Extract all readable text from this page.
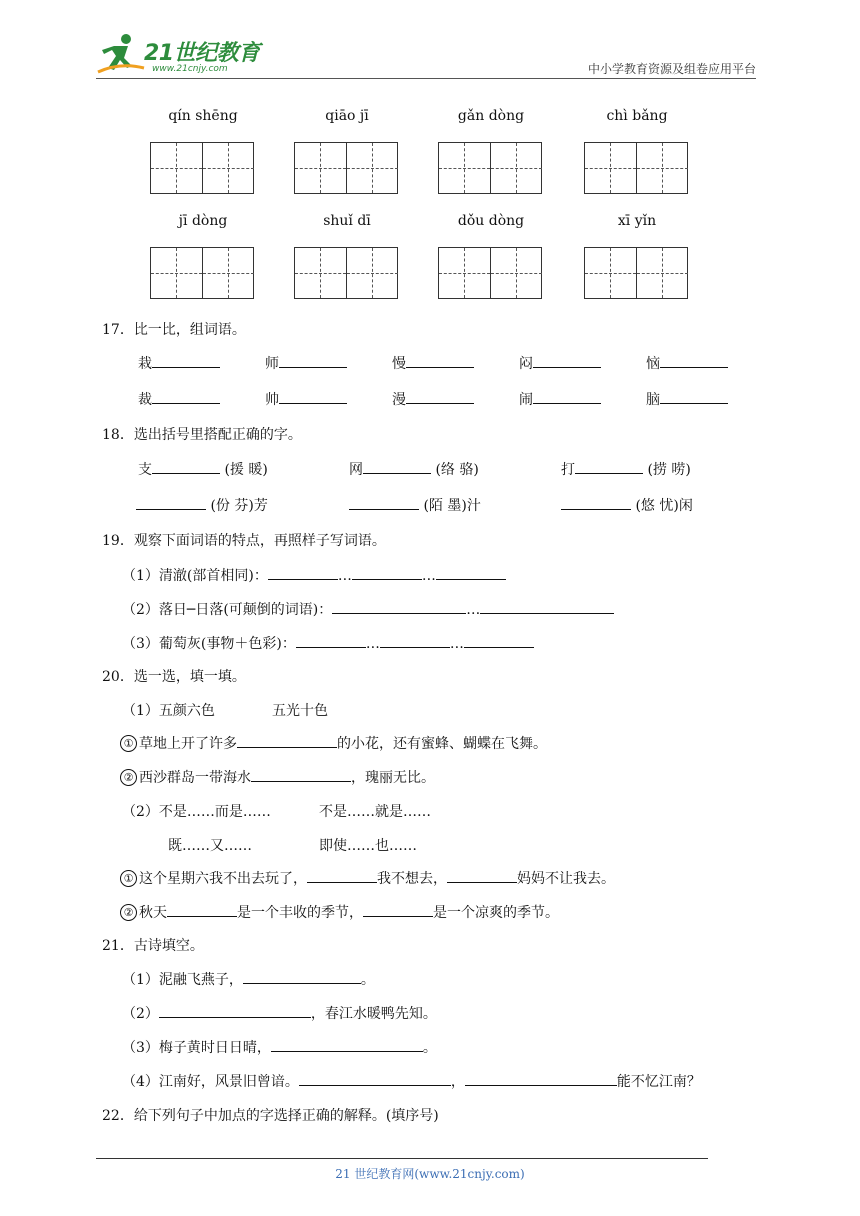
21世纪教育
www.21cnjy.com	中小学教育资源及组卷应用平台
qín shēng	qiāo jī	gǎn dòng	chì bǎng
jī dòng	shuǐ dī	dǒu dòng	xī yǐn
17．比一比，组词语。
栽	师	慢	闷	恼
裁	帅	漫	闹	脑
18．选出括号里搭配正确的字。
支	(援 暖)	网	(络 骆)	打	(捞 唠)
(份 芬)芳	(陌 墨)汁	(悠 忧)闲
19．观察下面词语的特点，再照样子写词语。
（1）清澈(部首相同)：	…	…
（2）落日─日落(可颠倒的词语)：	…
（3）葡萄灰(事物＋色彩)：	…	…
20．选一选，填一填。
（1）五颜六色	五光十色
① 草地上开了许多	的小花，还有蜜蜂、蝴蝶在飞舞。
② 西沙群岛一带海水	，瑰丽无比。
（2）不是……而是……	不是……就是……
既……又……	即使……也……
① 这个星期六我不出去玩了，	我不想去，	妈妈不让我去。
② 秋天	是一个丰收的季节，	是一个凉爽的季节。
21．古诗填空。
（1）泥融飞燕子，	。
（2）	，春江水暖鸭先知。
（3）梅子黄时日日晴，	。
（4）江南好，风景旧曾谙。	，	能不忆江南？
22．给下列句子中加点的字选择正确的解释。(填序号)
21 世纪教育网(www.21cnjy.com)
